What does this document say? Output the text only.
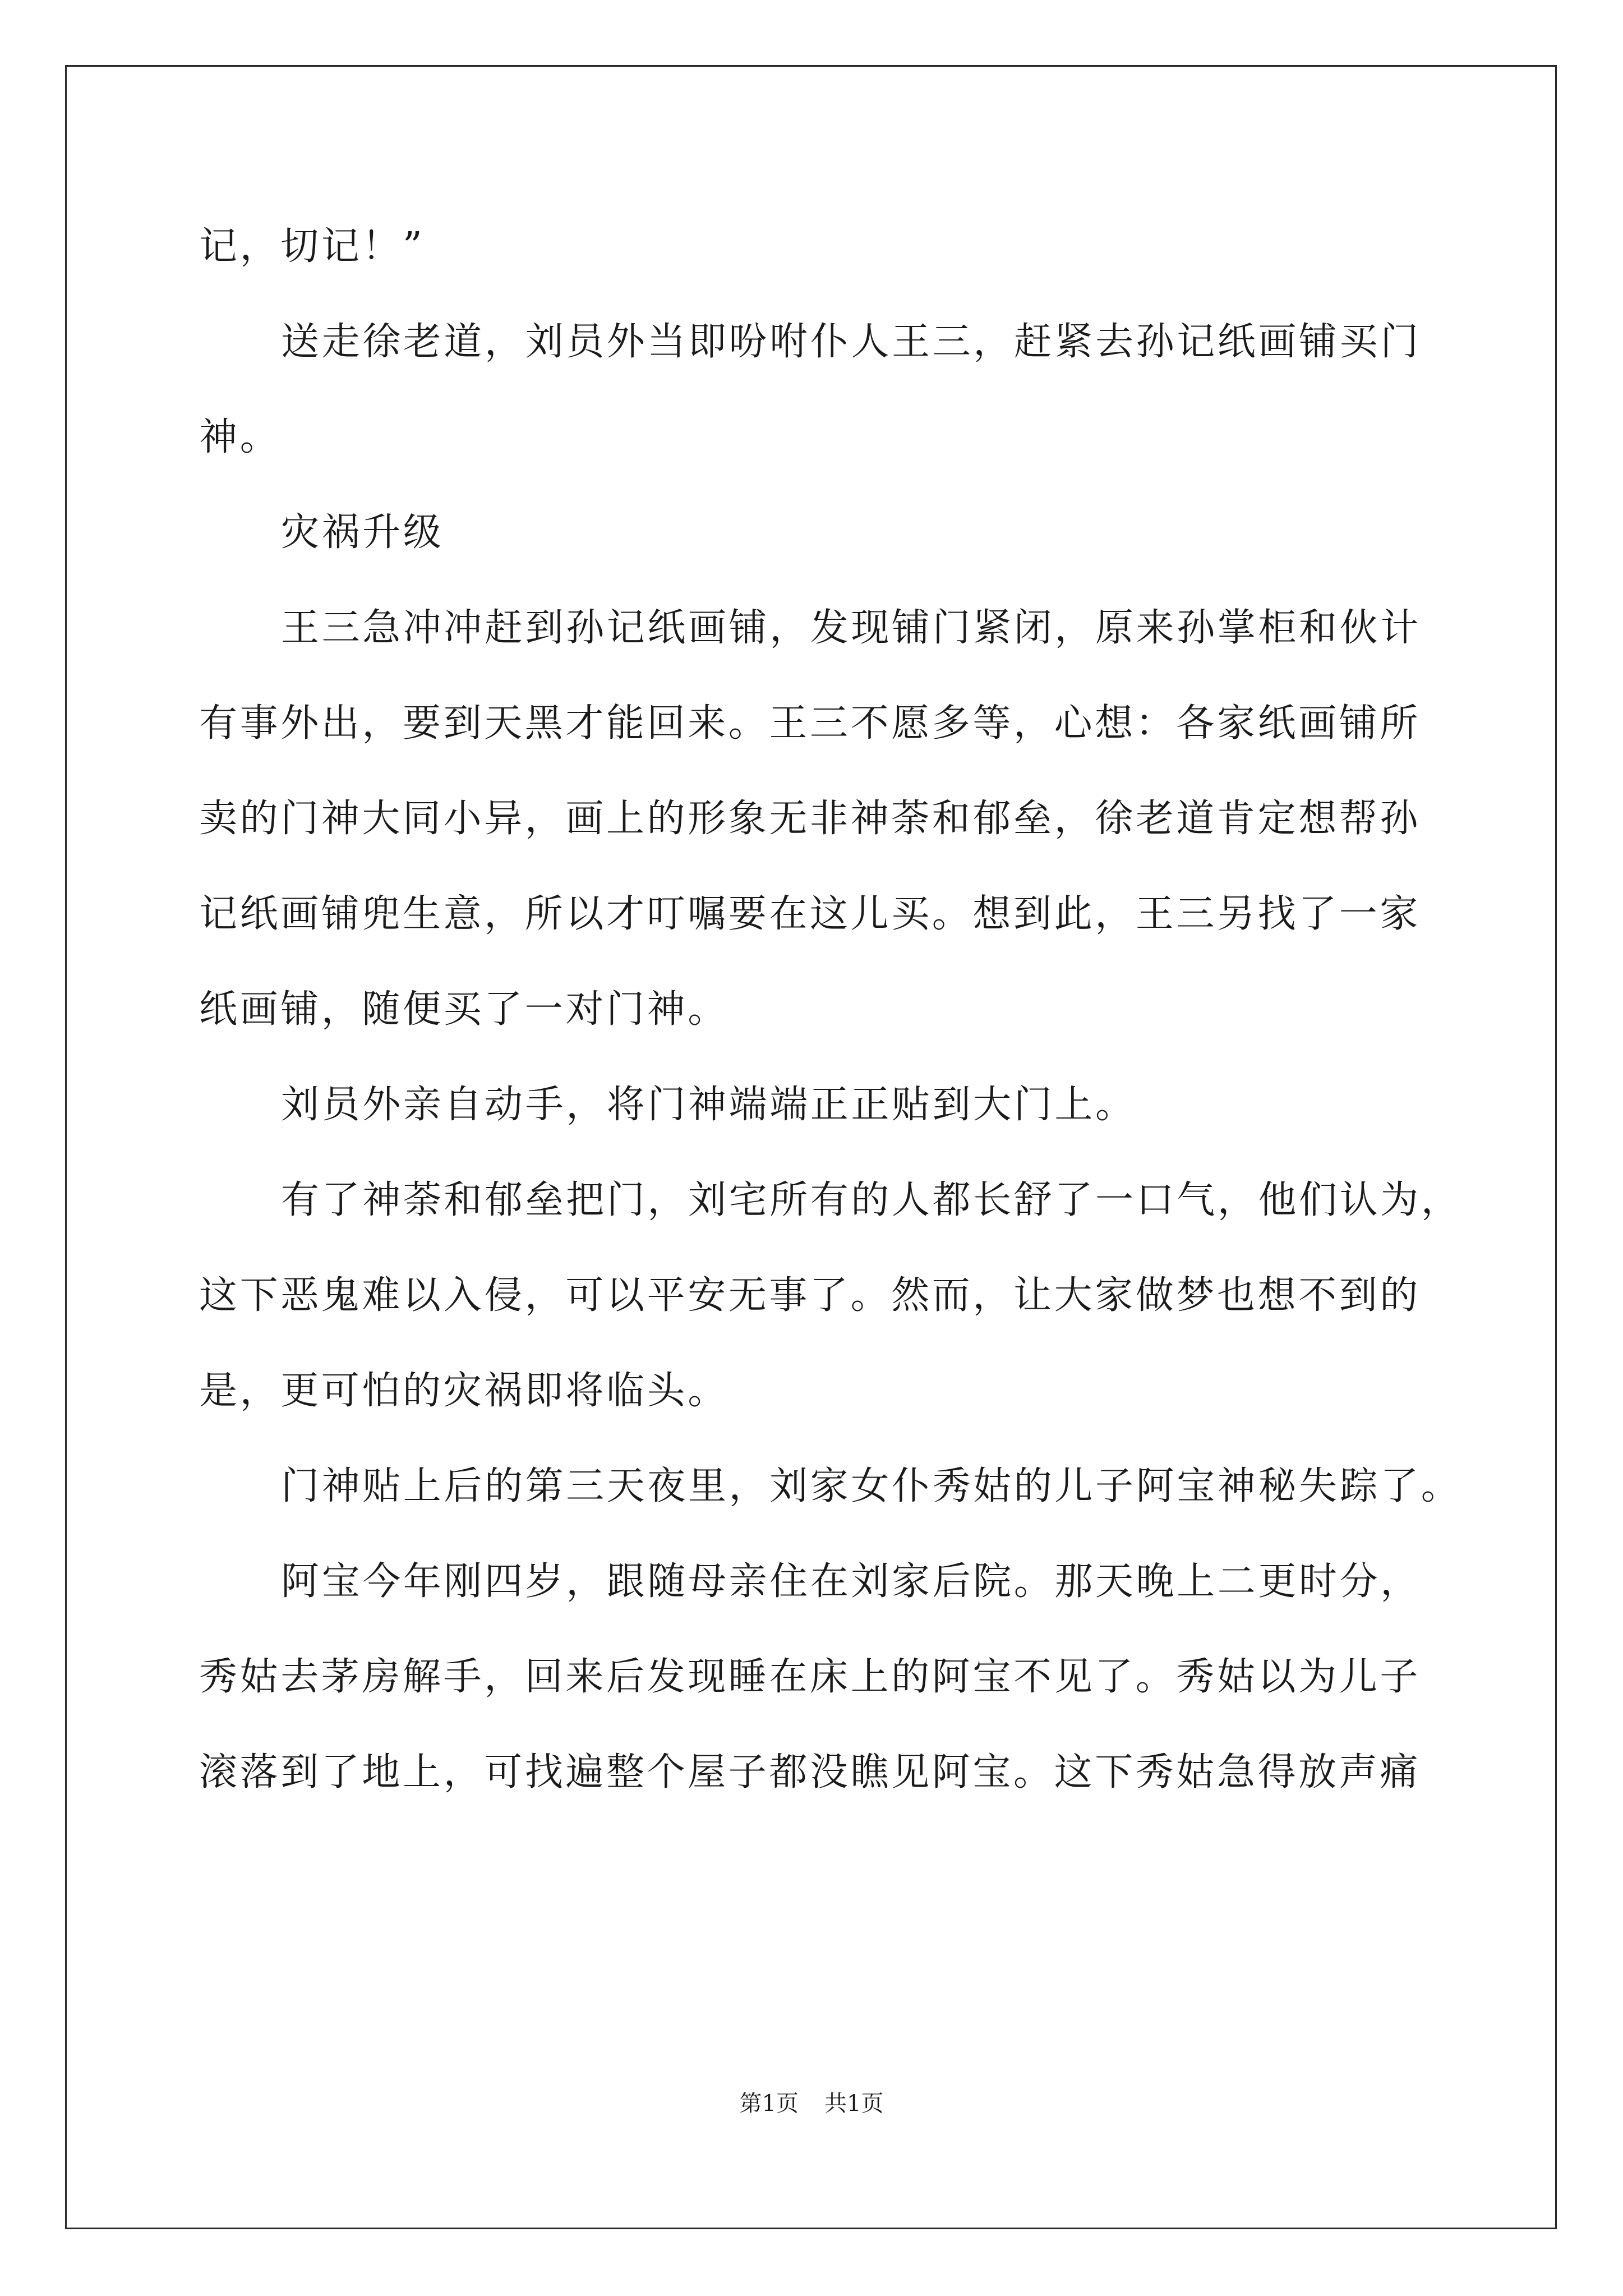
记，切记！”
送走徐老道，刘员外当即吩咐仆人王三，赶紧去孙记纸画铺买门
神。
灾祸升级
王三急冲冲赶到孙记纸画铺，发现铺门紧闭，原来孙掌柜和伙计
有事外出，要到天黑才能回来。王三不愿多等，心想：各家纸画铺所
卖的门神大同小异，画上的形象无非神荼和郁垒，徐老道肯定想帮孙
记纸画铺兜生意，所以才叮嘱要在这儿买。想到此，王三另找了一家
纸画铺，随便买了一对门神。
刘员外亲自动手，将门神端端正正贴到大门上。
有了神荼和郁垒把门，刘宅所有的人都长舒了一口气，他们认为，
这下恶鬼难以入侵，可以平安无事了。然而，让大家做梦也想不到的
是，更可怕的灾祸即将临头。
门神贴上后的第三天夜里，刘家女仆秀姑的儿子阿宝神秘失踪了。
阿宝今年刚四岁，跟随母亲住在刘家后院。那天晚上二更时分，
秀姑去茅房解手，回来后发现睡在床上的阿宝不见了。秀姑以为儿子
滚落到了地上，可找遍整个屋子都没瞧见阿宝。这下秀姑急得放声痛
第1页 共1页
